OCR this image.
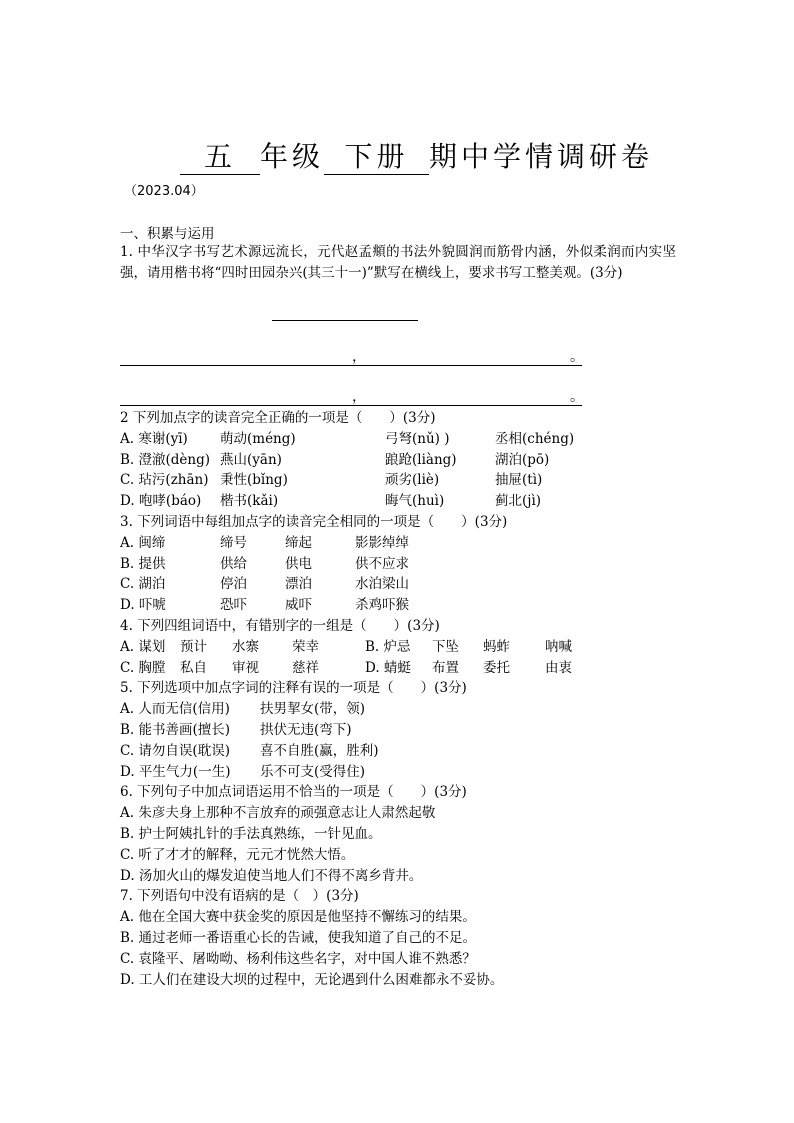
五 年级 下册 期中学情调研卷
（2023.04）
一、积累与运用
1. 中华汉字书写艺术源远流长，元代赵孟頫的书法外貌圆润而筋骨内涵，外似柔润而内实坚强，请用楷书将“四时田园杂兴(其三十一)”默写在横线上，要求书写工整美观。(3分)
，	。
，	。
2 下列加点字的读音完全正确的一项是（　　）(3分)
A. 寒谢(yī) 萌动(méng)	弓弩(nǔ) )	丞相(chéng)
B. 澄澈(dèng) 燕山(yān)	踉跄(liàng)	湖泊(pō)
C. 玷污(zhān) 秉性(bǐng)	顽劣(liè)	抽屉(tì)
D. 咆哮(báo) 楷书(kǎi)	晦气(huì)	蓟北(jì)
3. 下列词语中每组加点字的读音完全相同的一项是（　　）(3分)
A. 闽缔	缔号	缔起	影影绰绰
B. 提供	供给	供电	供不应求
C. 湖泊	停泊	漂泊	水泊梁山
D. 吓唬	恐吓	威吓	杀鸡吓猴
4. 下列四组词语中，有错别字的一组是（　　）(3分)
A. 谋划 预计 水寨 荣幸	B. 炉忌 下坠 蚂蚱	呐喊
C. 胸膛 私自 审视 慈祥	D. 蜻蜓 布置 委托	由衷
5. 下列选项中加点字词的注释有误的一项是（　　）(3分)
A. 人而无信(信用) 扶男挈女(带，领)
B. 能书善画(擅长) 拱伏无违(弯下)
C. 请勿自误(耽误) 喜不自胜(赢，胜利)
D. 平生气力(一生) 乐不可支(受得住)
6. 下列句子中加点词语运用不恰当的一项是（　　）(3分)
A. 朱彦夫身上那种不言放弃的顽强意志让人肃然起敬
B. 护士阿姨扎针的手法真熟练，一针见血。
C. 听了才才的解释，元元才恍然大悟。
D. 汤加火山的爆发迫使当地人们不得不离乡背井。
7. 下列语句中没有语病的是（　）(3分)
A. 他在全国大赛中获金奖的原因是他坚持不懈练习的结果。
B. 通过老师一番语重心长的告诫，使我知道了自己的不足。
C. 袁隆平、屠呦呦、杨利伟这些名字，对中国人谁不熟悉？
D. 工人们在建设大坝的过程中，无论遇到什么困难都永不妥协。
